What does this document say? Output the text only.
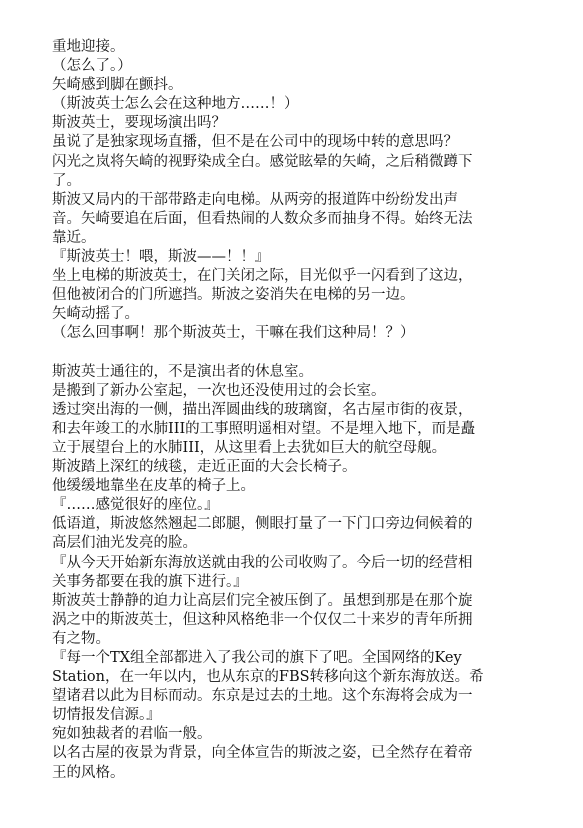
重地迎接。
（怎么了。）
矢崎感到脚在颤抖。
（斯波英士怎么会在这种地方……！）
斯波英士，要现场演出吗？
虽说了是独家现场直播，但不是在公司中的现场中转的意思吗？
闪光之岚将矢崎的视野染成全白。感觉眩晕的矢崎，之后稍微蹲下
了。
斯波又局内的干部带路走向电梯。从两旁的报道阵中纷纷发出声
音。矢崎要追在后面，但看热闹的人数众多而抽身不得。始终无法
靠近。
『斯波英士！喂，斯波——！！』
坐上电梯的斯波英士，在门关闭之际，目光似乎一闪看到了这边，
但他被闭合的门所遮挡。斯波之姿消失在电梯的另一边。
矢崎动摇了。
（怎么回事啊！那个斯波英士，干嘛在我们这种局！？）
斯波英士通往的，不是演出者的休息室。
是搬到了新办公室起，一次也还没使用过的会长室。
透过突出海的一侧，描出浑圆曲线的玻璃窗，名古屋市街的夜景，
和去年竣工的水肺III的工事照明遥相对望。不是埋入地下，而是矗
立于展望台上的水肺III，从这里看上去犹如巨大的航空母舰。
斯波踏上深红的绒毯，走近正面的大会长椅子。
他缓缓地靠坐在皮革的椅子上。
『……感觉很好的座位。』
低语道，斯波悠然翘起二郎腿，侧眼打量了一下门口旁边伺候着的
高层们油光发亮的脸。
『从今天开始新东海放送就由我的公司收购了。今后一切的经营相
关事务都要在我的旗下进行。』
斯波英士静静的迫力让高层们完全被压倒了。虽想到那是在那个旋
涡之中的斯波英士，但这种风格绝非一个仅仅二十来岁的青年所拥
有之物。
『每一个TX组全部都进入了我公司的旗下了吧。全国网络的Key
Station，在一年以内，也从东京的FBS转移向这个新东海放送。希
望诸君以此为目标而动。东京是过去的土地。这个东海将会成为一
切情报发信源。』
宛如独裁者的君临一般。
以名古屋的夜景为背景，向全体宣告的斯波之姿，已全然存在着帝
王的风格。
